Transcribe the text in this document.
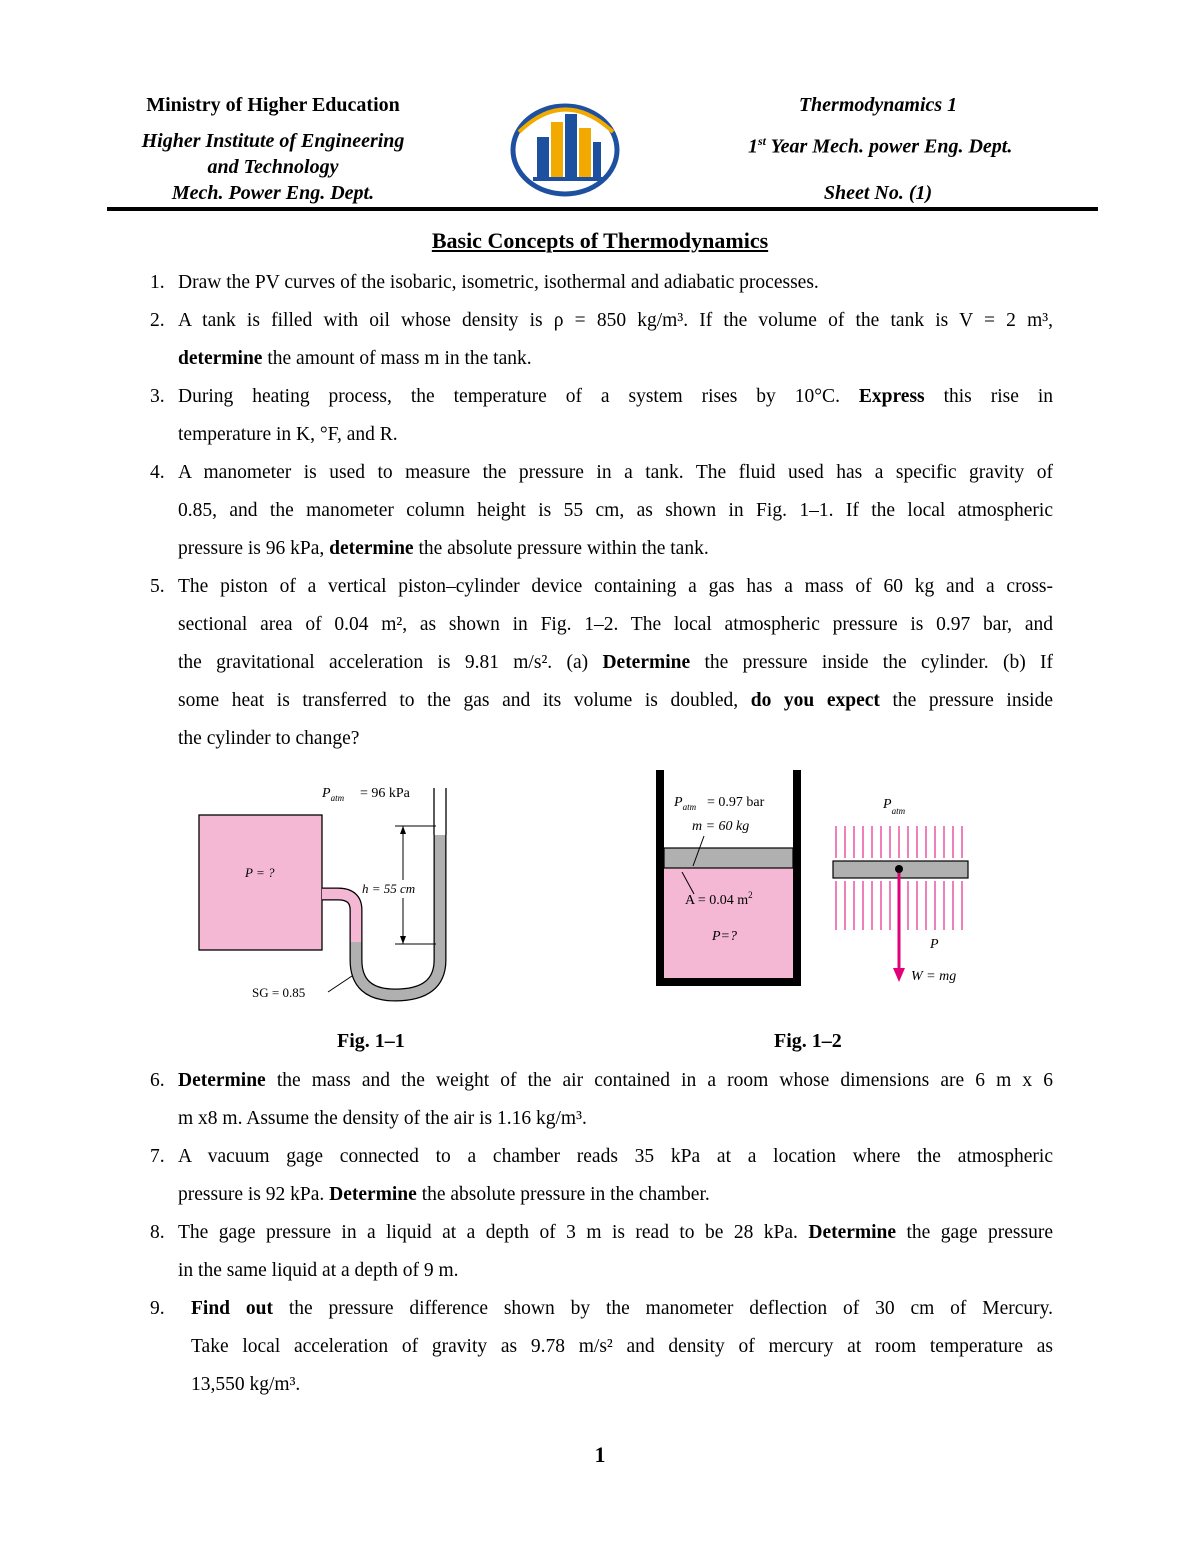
Ministry of Higher Education
Higher Institute of Engineering
and Technology
Mech. Power Eng. Dept.
Thermodynamics 1
1st Year Mech. power Eng. Dept.
Sheet No. (1)
Basic Concepts of Thermodynamics
1. Draw the PV curves of the isobaric, isometric, isothermal and adiabatic processes.
2. A tank is filled with oil whose density is ρ = 850 kg/m³. If the volume of the tank is V = 2 m³,
determine the amount of mass m in the tank.
3. During heating process, the temperature of a system rises by 10°C. Express this rise in
temperature in K, °F, and R.
4. A manometer is used to measure the pressure in a tank. The fluid used has a specific gravity of
0.85, and the manometer column height is 55 cm, as shown in Fig. 1–1. If the local atmospheric
pressure is 96 kPa, determine the absolute pressure within the tank.
5. The piston of a vertical piston–cylinder device containing a gas has a mass of 60 kg and a cross-
sectional area of 0.04 m², as shown in Fig. 1–2. The local atmospheric pressure is 0.97 bar, and
the gravitational acceleration is 9.81 m/s². (a) Determine the pressure inside the cylinder. (b) If
some heat is transferred to the gas and its volume is doubled, do you expect the pressure inside
the cylinder to change?
$P_{atm} = 96$ kPa
P = ?
h = 55 cm
SG = 0.85
$P_{atm} = 0.97$ bar
m = 60 kg
A = 0.04 $m^2$
P=?
$P_{atm}$
P
W = mg
Fig. 1–1	Fig. 1–2
6. Determine the mass and the weight of the air contained in a room whose dimensions are 6 m x 6
m x8 m. Assume the density of the air is 1.16 kg/m³.
7. A vacuum gage connected to a chamber reads 35 kPa at a location where the atmospheric
pressure is 92 kPa. Determine the absolute pressure in the chamber.
8. The gage pressure in a liquid at a depth of 3 m is read to be 28 kPa. Determine the gage pressure
in the same liquid at a depth of 9 m.
9. Find out the pressure difference shown by the manometer deflection of 30 cm of Mercury.
Take local acceleration of gravity as 9.78 m/s² and density of mercury at room temperature as
13,550 kg/m³.
1
